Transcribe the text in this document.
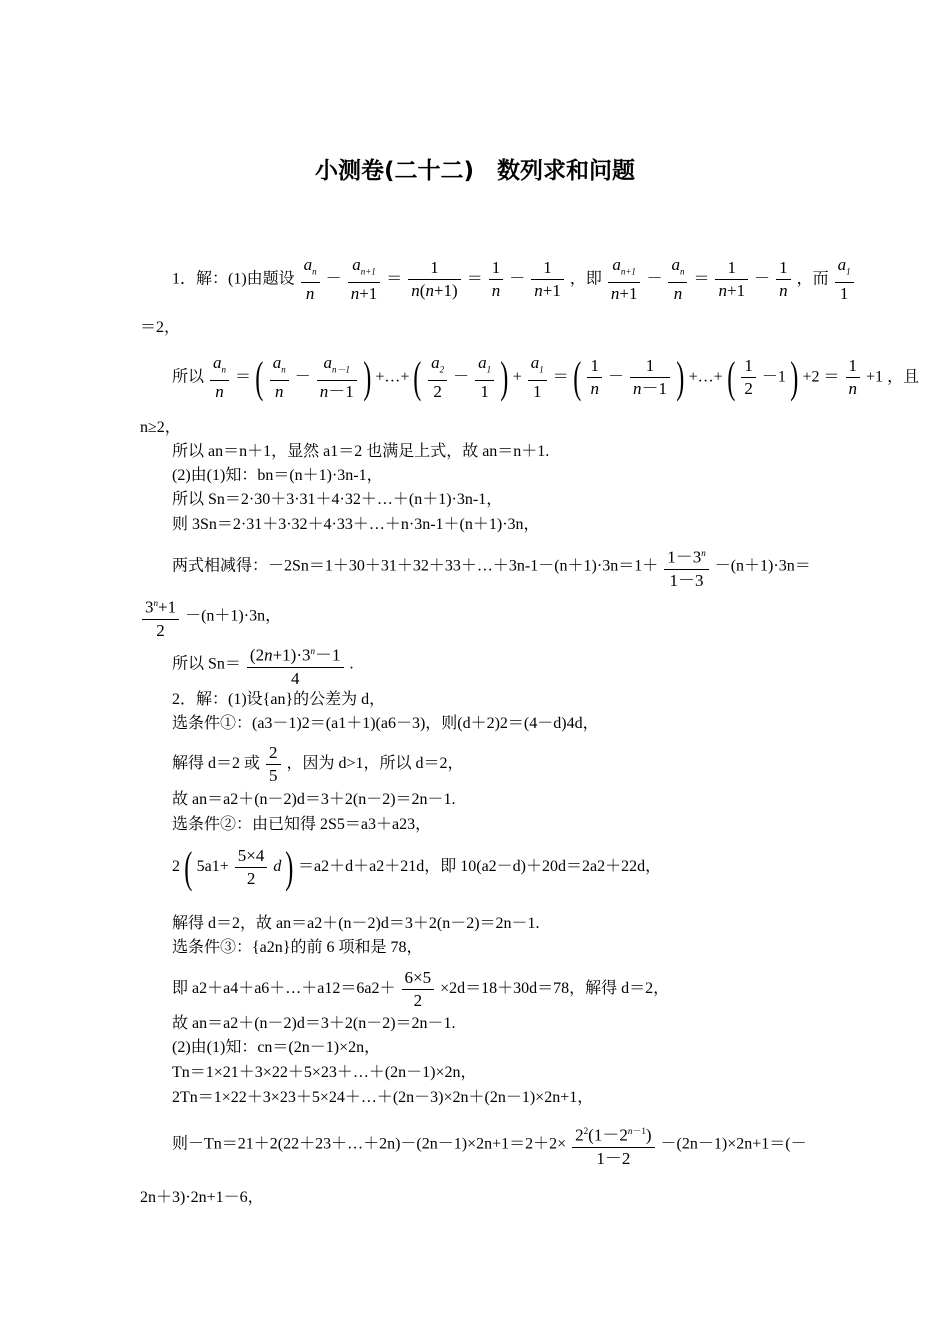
小测卷(二十二)　数列求和问题
1．解：(1)由题设 $\frac{a_n}{n} - \frac{a_{n+1}}{n+1} = \frac{1}{n(n+1)} = \frac{1}{n} - \frac{1}{n+1}$ ，即 $\frac{a_{n+1}}{n+1} - \frac{a_n}{n} = \frac{1}{n+1} - \frac{1}{n}$ ，而 $\frac{a_1}{1}$
＝2，
所以 $\frac{a_n}{n}$ ＝ ( $\frac{a_n}{n} - \frac{a_{n-1}}{n-1}$ ) +…+ ( $\frac{a_2}{2} - \frac{a_1}{1}$ ) + $\frac{a_1}{1}$ ＝ ( $\frac{1}{n} - \frac{1}{n-1}$ ) +…+ ( $\frac{1}{2} -1$ ) $+2 = \frac{1}{n} +1$ ，且
n≥2，
所以 an＝n＋1，显然 a1＝2 也满足上式，故 an＝n＋1.
(2)由(1)知：bn＝(n＋1)·3n-1，
所以 Sn＝2·30＋3·31＋4·32＋…＋(n＋1)·3n-1，
则 3Sn＝2·31＋3·32＋4·33＋…＋n·3n-1＋(n＋1)·3n，
两式相减得：－2Sn＝1＋30＋31＋32＋33＋…＋3n-1－(n＋1)·3n＝1＋ $\frac{1-3^n}{1-3} -(n+1)\cdot 3n=$
$\frac{3^n+1}{2} -(n+1)\cdot 3n$，
所以 $Sn= \frac{(2n+1)\cdot 3^n-1}{4}$ .
2．解：(1)设{an}的公差为 d，
选条件①：(a3－1)2＝(a1＋1)(a6－3)，则(d＋2)2＝(4－d)4d，
解得 d＝2 或 $\frac{2}{5}$ ，因为 d>1，所以 d＝2，
故 an＝a2＋(n－2)d＝3＋2(n－2)＝2n－1.
选条件②：由已知得 2S5＝a3＋a23，
2 ( $5a1+ \frac{5\times 4}{2}$ d ) ＝a2＋d＋a2＋21d，即 10(a2－d)＋20d＝2a2＋22d，
解得 d＝2，故 an＝a2＋(n－2)d＝3＋2(n－2)＝2n－1.
选条件③：{a2n}的前 6 项和是 78，
即 a2＋a4＋a6＋…＋a12＝6a2＋ $\frac{6\times 5}{2} \times 2d=18+30d=78$，解得 d＝2，
故 an＝a2＋(n－2)d＝3＋2(n－2)＝2n－1.
(2)由(1)知：cn＝(2n－1)×2n，
Tn＝1×21＋3×22＋5×23＋…＋(2n－1)×2n，
2Tn＝1×22＋3×23＋5×24＋…＋(2n－3)×2n＋(2n－1)×2n+1，
则－Tn＝21＋2(22＋23＋…＋2n)－(2n－1)×2n+1＝2＋2× $\frac{2^2(1-2^{n-1})}{1-2} -(2n-1)\times 2n+1=(-$
2n＋3)·2n+1－6，
